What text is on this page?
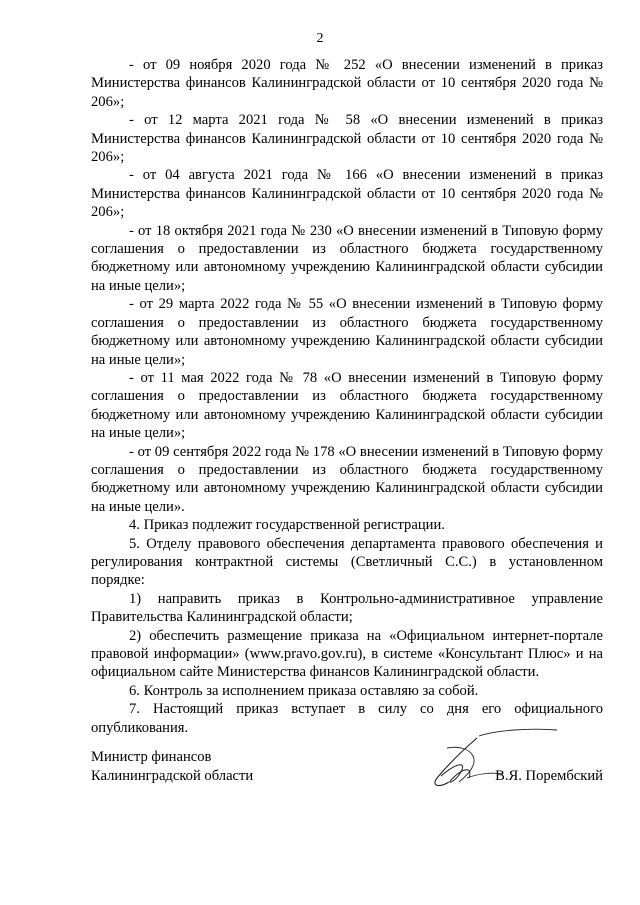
2

- от 09 ноября 2020 года № 252 «О внесении изменений в приказ Министерства финансов Калининградской области от 10 сентября 2020 года № 206»;

- от 12 марта 2021 года № 58 «О внесении изменений в приказ Министерства финансов Калининградской области от 10 сентября 2020 года № 206»;

- от 04 августа 2021 года № 166 «О внесении изменений в приказ Министерства финансов Калининградской области от 10 сентября 2020 года № 206»;

- от 18 октября 2021 года № 230 «О внесении изменений в Типовую форму соглашения о предоставлении из областного бюджета государственному бюджетному или автономному учреждению Калининградской области субсидии на иные цели»;

- от 29 марта 2022 года № 55 «О внесении изменений в Типовую форму соглашения о предоставлении из областного бюджета государственному бюджетному или автономному учреждению Калининградской области субсидии на иные цели»;

- от 11 мая 2022 года № 78 «О внесении изменений в Типовую форму соглашения о предоставлении из областного бюджета государственному бюджетному или автономному учреждению Калининградской области субсидии на иные цели»;

- от 09 сентября 2022 года № 178 «О внесении изменений в Типовую форму соглашения о предоставлении из областного бюджета государственному бюджетному или автономному учреждению Калининградской области субсидии на иные цели».

4. Приказ подлежит государственной регистрации.

5. Отделу правового обеспечения департамента правового обеспечения и регулирования контрактной системы (Светличный С.С.) в установленном порядке:

1) направить приказ в Контрольно-административное управление Правительства Калининградской области;

2) обеспечить размещение приказа на «Официальном интернет-портале правовой информации» (www.pravo.gov.ru), в системе «Консультант Плюс» и на официальном сайте Министерства финансов Калининградской области.

6. Контроль за исполнением приказа оставляю за собой.

7. Настоящий приказ вступает в силу со дня его официального опубликования.

Министр финансов
Калининградской области	В.Я. Порембский
